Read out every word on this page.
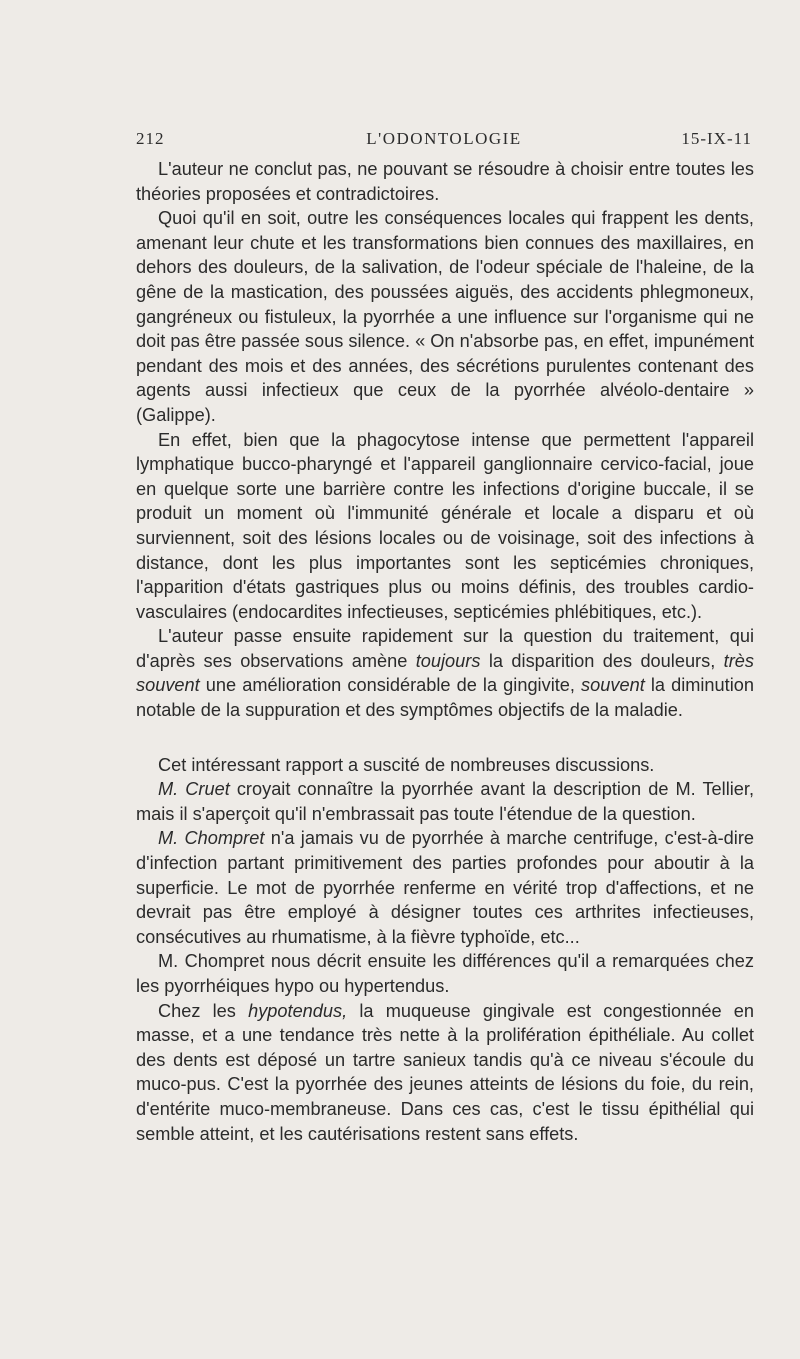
212	L'ODONTOLOGIE	15-IX-11

L'auteur ne conclut pas, ne pouvant se résoudre à choisir entre toutes les théories proposées et contradictoires.

Quoi qu'il en soit, outre les conséquences locales qui frappent les dents, amenant leur chute et les transformations bien connues des maxillaires, en dehors des douleurs, de la salivation, de l'odeur spéciale de l'haleine, de la gêne de la mastication, des poussées aiguës, des accidents phlegmoneux, gangréneux ou fistuleux, la pyorrhée a une influence sur l'organisme qui ne doit pas être passée sous silence. « On n'absorbe pas, en effet, impunément pendant des mois et des années, des sécrétions purulentes contenant des agents aussi infectieux que ceux de la pyorrhée alvéolo-dentaire » (Galippe).

En effet, bien que la phagocytose intense que permettent l'appareil lymphatique bucco-pharyngé et l'appareil ganglionnaire cervico-facial, joue en quelque sorte une barrière contre les infections d'origine buccale, il se produit un moment où l'immunité générale et locale a disparu et où surviennent, soit des lésions locales ou de voisinage, soit des infections à distance, dont les plus importantes sont les septicémies chroniques, l'apparition d'états gastriques plus ou moins définis, des troubles cardio-vasculaires (endocardites infectieuses, septicémies phlébitiques, etc.).

L'auteur passe ensuite rapidement sur la question du traitement, qui d'après ses observations amène toujours la disparition des douleurs, très souvent une amélioration considérable de la gingivite, souvent la diminution notable de la suppuration et des symptômes objectifs de la maladie.

Cet intéressant rapport a suscité de nombreuses discussions.

M. Cruet croyait connaître la pyorrhée avant la description de M. Tellier, mais il s'aperçoit qu'il n'embrassait pas toute l'étendue de la question.

M. Chompret n'a jamais vu de pyorrhée à marche centrifuge, c'est-à-dire d'infection partant primitivement des parties profondes pour aboutir à la superficie. Le mot de pyorrhée renferme en vérité trop d'affections, et ne devrait pas être employé à désigner toutes ces arthrites infectieuses, consécutives au rhumatisme, à la fièvre typhoïde, etc...

M. Chompret nous décrit ensuite les différences qu'il a remarquées chez les pyorrhéiques hypo ou hypertendus.

Chez les hypotendus, la muqueuse gingivale est congestionnée en masse, et a une tendance très nette à la prolifération épithéliale. Au collet des dents est déposé un tartre sanieux tandis qu'à ce niveau s'écoule du muco-pus. C'est la pyorrhée des jeunes atteints de lésions du foie, du rein, d'entérite muco-membraneuse. Dans ces cas, c'est le tissu épithélial qui semble atteint, et les cautérisations restent sans effets.
